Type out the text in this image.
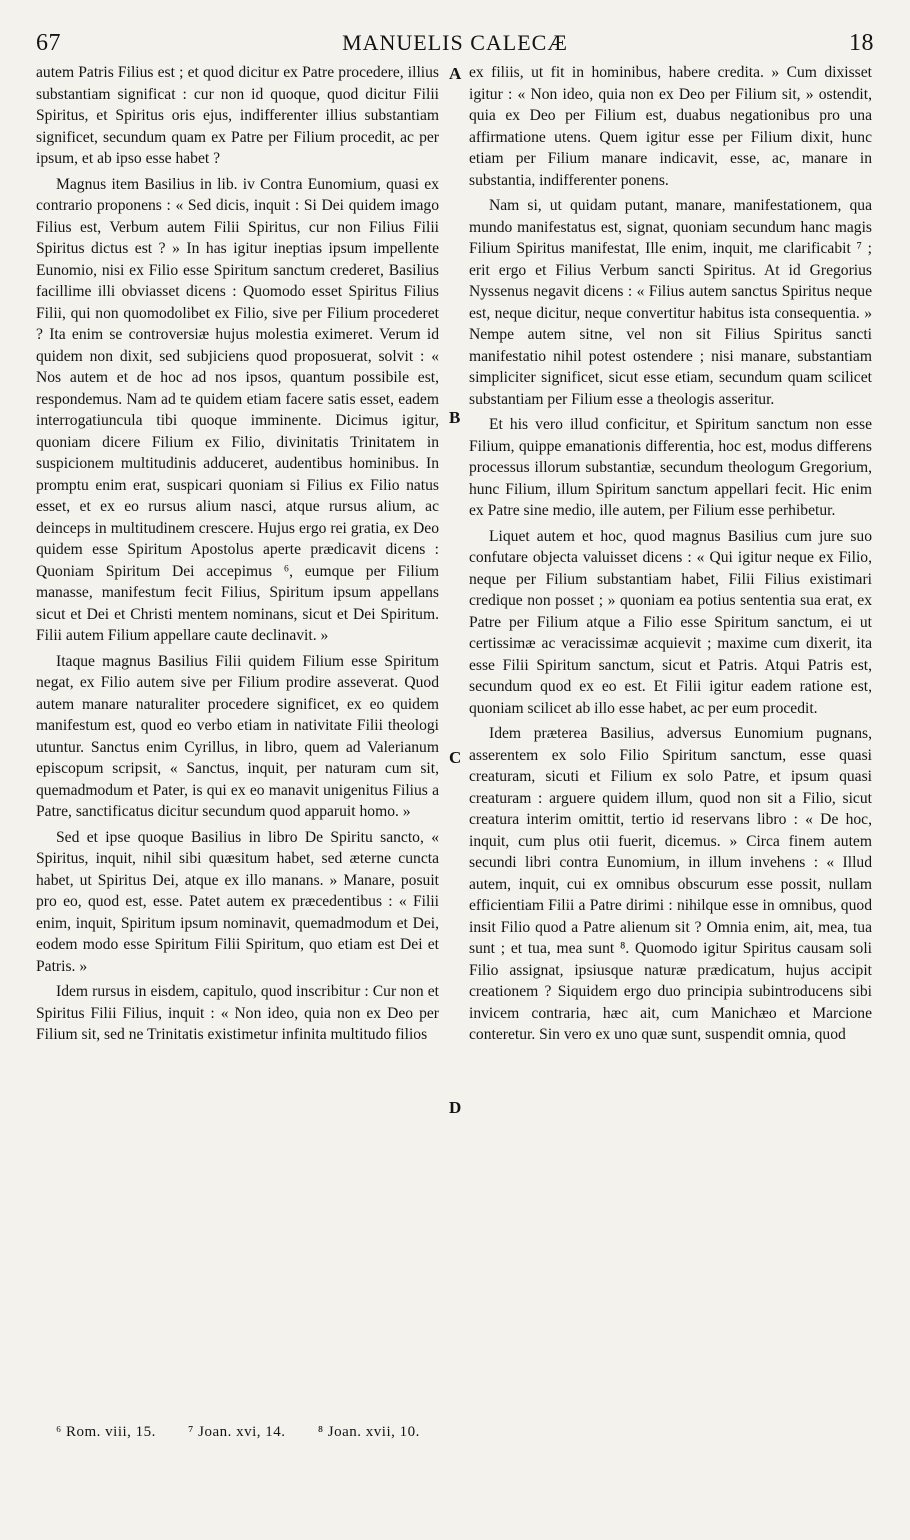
67	MANUELIS CALECÆ	18

autem Patris Filius est ; et quod dicitur ex Patre procedere, illius substantiam significat : cur non id quoque, quod dicitur Filii Spiritus, et Spiritus oris ejus, indifferenter illius substantiam significet, secundum quam ex Patre per Filium procedit, ac per ipsum, et ab ipso esse habet ?

Magnus item Basilius in lib. iv Contra Eunomium, quasi ex contrario proponens : « Sed dicis, inquit : Si Dei quidem imago Filius est, Verbum autem Filii Spiritus, cur non Filius Filii Spiritus dictus est ? » In has igitur ineptias ipsum impellente Eunomio, nisi ex Filio esse Spiritum sanctum crederet, Basilius facillime illi obviasset dicens : Quomodo esset Spiritus Filius Filii, qui non quomodolibet ex Filio, sive per Filium procederet ? Ita enim se controversiæ hujus molestia eximeret. Verum id quidem non dixit, sed subjiciens quod proposuerat, solvit : « Nos autem et de hoc ad nos ipsos, quantum possibile est, respondemus. Nam ad te quidem etiam facere satis esset, eadem interrogatiuncula tibi quoque imminente. Dicimus igitur, quoniam dicere Filium ex Filio, divinitatis Trinitatem in suspicionem multitudinis adduceret, audentibus hominibus. In promptu enim erat, suspicari quoniam si Filius ex Filio natus esset, et ex eo rursus alium nasci, atque rursus alium, ac deinceps in multitudinem crescere. Hujus ergo rei gratia, ex Deo quidem esse Spiritum Apostolus aperte prædicavit dicens : Quoniam Spiritum Dei accepimus ⁶, eumque per Filium manasse, manifestum fecit Filius, Spiritum ipsum appellans sicut et Dei et Christi mentem nominans, sicut et Dei Spiritum. Filii autem Filium appellare caute declinavit. »

Itaque magnus Basilius Filii quidem Filium esse Spiritum negat, ex Filio autem sive per Filium prodire asseverat. Quod autem manare naturaliter procedere significet, ex eo quidem manifestum est, quod eo verbo etiam in nativitate Filii theologi utuntur. Sanctus enim Cyrillus, in libro, quem ad Valerianum episcopum scripsit, « Sanctus, inquit, per naturam cum sit, quemadmodum et Pater, is qui ex eo manavit unigenitus Filius a Patre, sanctificatus dicitur secundum quod apparuit homo. »

Sed et ipse quoque Basilius in libro De Spiritu sancto, « Spiritus, inquit, nihil sibi quæsitum habet, sed æterne cuncta habet, ut Spiritus Dei, atque ex illo manans. » Manare, posuit pro eo, quod est, esse. Patet autem ex præcedentibus : « Filii enim, inquit, Spiritum ipsum nominavit, quemadmodum et Dei, eodem modo esse Spiritum Filii Spiritum, quo etiam est Dei et Patris. »

Idem rursus in eisdem, capitulo, quod inscribitur : Cur non et Spiritus Filii Filius, inquit : « Non ideo, quia non ex Deo per Filium sit, sed ne Trinitatis existimetur infinita multitudo filios

ex filiis, ut fit in hominibus, habere credita. » Cum dixisset igitur : « Non ideo, quia non ex Deo per Filium sit, » ostendit, quia ex Deo per Filium est, duabus negationibus pro una affirmatione utens. Quem igitur esse per Filium dixit, hunc etiam per Filium manare indicavit, esse, ac, manare in substantia, indifferenter ponens.

Nam si, ut quidam putant, manare, manifestationem, qua mundo manifestatus est, signat, quoniam secundum hanc magis Filium Spiritus manifestat, Ille enim, inquit, me clarificabit ⁷ ; erit ergo et Filius Verbum sancti Spiritus. At id Gregorius Nyssenus negavit dicens : « Filius autem sanctus Spiritus neque est, neque dicitur, neque convertitur habitus ista consequentia. » Nempe autem sitne, vel non sit Filius Spiritus sancti manifestatio nihil potest ostendere ; nisi manare, substantiam simpliciter significet, sicut esse etiam, secundum quam scilicet substantiam per Filium esse a theologis asseritur.

Et his vero illud conficitur, et Spiritum sanctum non esse Filium, quippe emanationis differentia, hoc est, modus differens processus illorum substantiæ, secundum theologum Gregorium, hunc Filium, illum Spiritum sanctum appellari fecit. Hic enim ex Patre sine medio, ille autem, per Filium esse perhibetur.

Liquet autem et hoc, quod magnus Basilius cum jure suo confutare objecta valuisset dicens : « Qui igitur neque ex Filio, neque per Filium substantiam habet, Filii Filius existimari credique non posset ; » quoniam ea potius sententia sua erat, ex Patre per Filium atque a Filio esse Spiritum sanctum, ei ut certissimæ ac veracissimæ acquievit ; maxime cum dixerit, ita esse Filii Spiritum sanctum, sicut et Patris. Atqui Patris est, secundum quod ex eo est. Et Filii igitur eadem ratione est, quoniam scilicet ab illo esse habet, ac per eum procedit.

Idem præterea Basilius, adversus Eunomium pugnans, asserentem ex solo Filio Spiritum sanctum, esse quasi creaturam, sicuti et Filium ex solo Patre, et ipsum quasi creaturam : arguere quidem illum, quod non sit a Filio, sicut creatura interim omittit, tertio id reservans libro : « De hoc, inquit, cum plus otii fuerit, dicemus. » Circa finem autem secundi libri contra Eunomium, in illum invehens : « Illud autem, inquit, cui ex omnibus obscurum esse possit, nullam efficientiam Filii a Patre dirimi : nihilque esse in omnibus, quod insit Filio quod a Patre alienum sit ? Omnia enim, ait, mea, tua sunt ; et tua, mea sunt ⁸. Quomodo igitur Spiritus causam soli Filio assignat, ipsiusque naturæ prædicatum, hujus accipit creationem ? Siquidem ergo duo principia subintroducens sibi invicem contraria, hæc ait, cum Manichæo et Marcione conteretur. Sin vero ex uno quæ sunt, suspendit omnia, quod

A
B
C
D
⁶ Rom. viii, 15. ⁷ Joan. xvi, 14. ⁸ Joan. xvii, 10.
